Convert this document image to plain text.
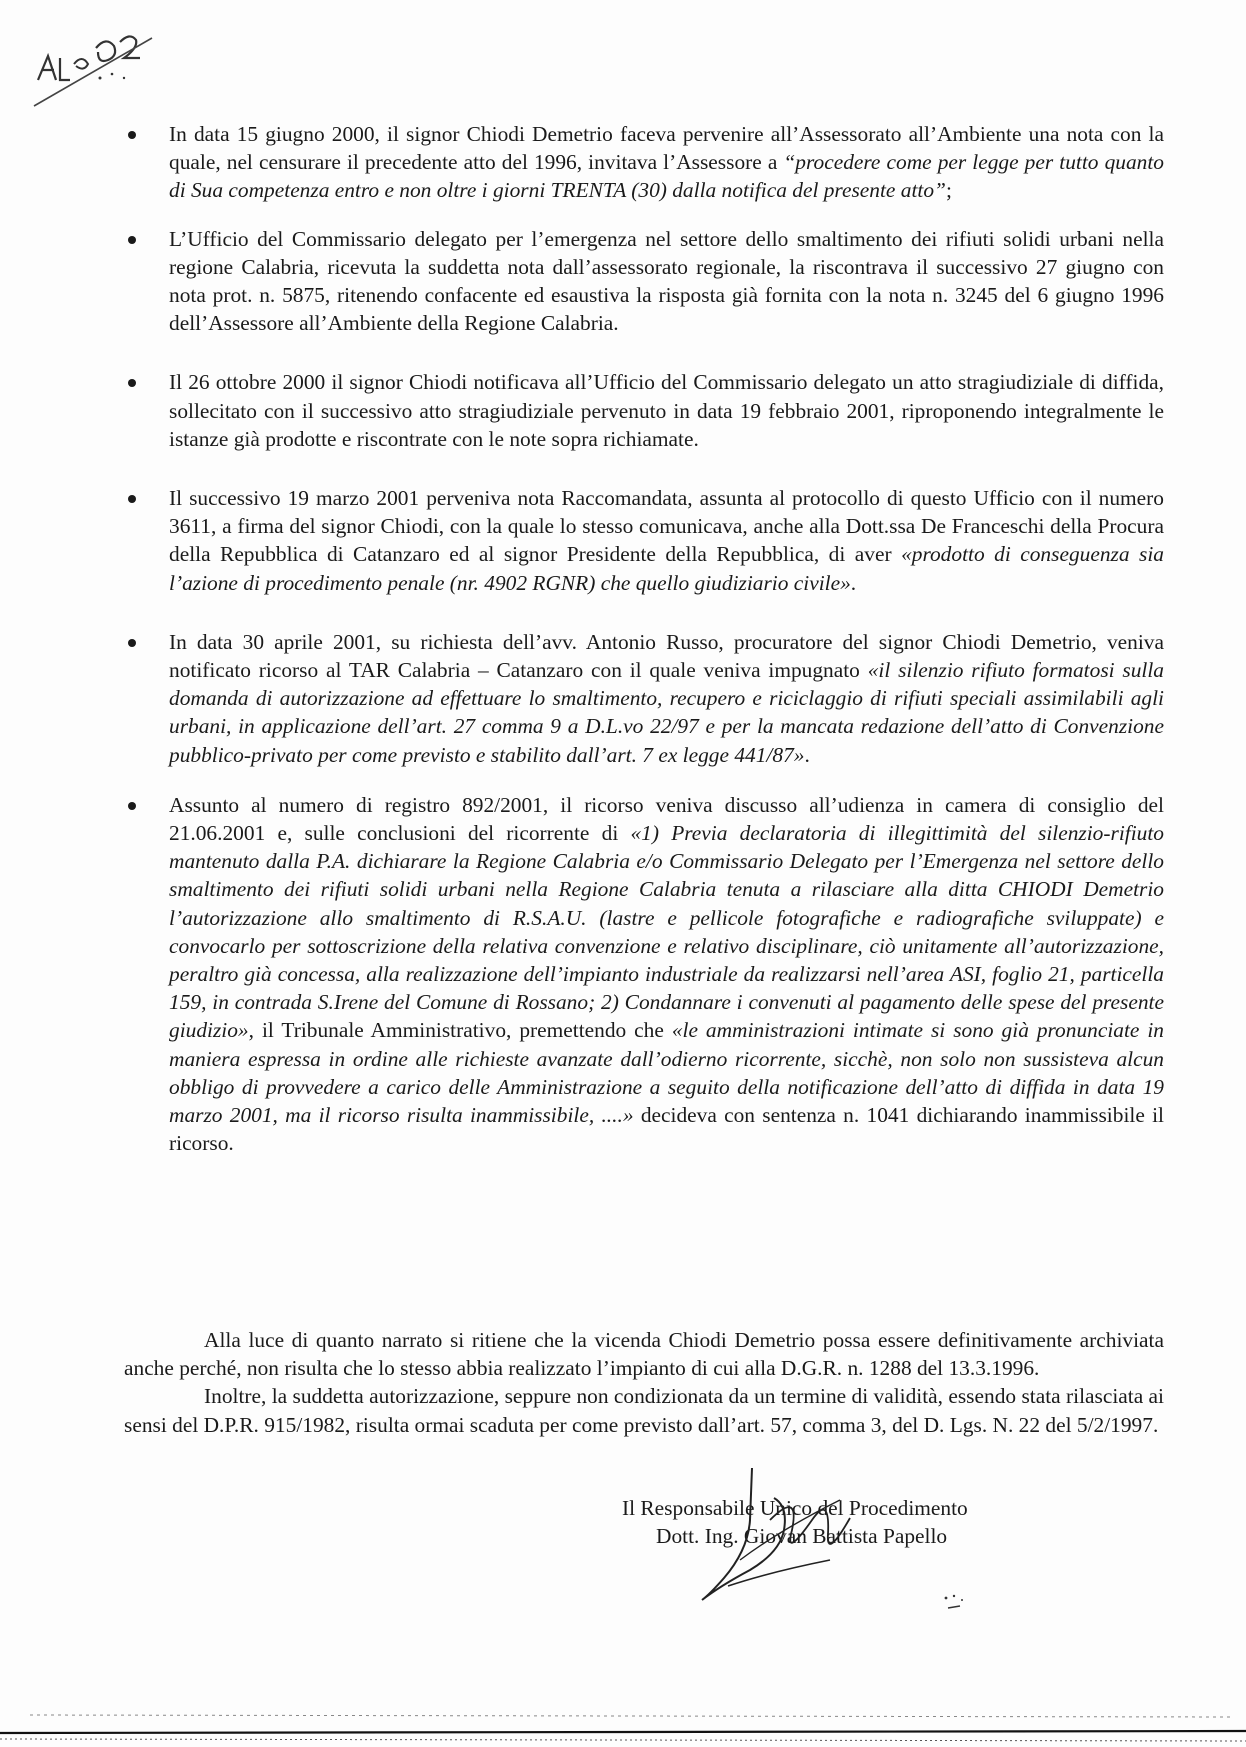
In data 15 giugno 2000, il signor Chiodi Demetrio faceva pervenire all’Assessorato all’Ambiente una nota con la quale, nel censurare il precedente atto del 1996, invitava l’Assessore a “procedere come per legge per tutto quanto di Sua competenza entro e non oltre i giorni TRENTA (30) dalla notifica del presente atto”;
L’Ufficio del Commissario delegato per l’emergenza nel settore dello smaltimento dei rifiuti solidi urbani nella regione Calabria, ricevuta la suddetta nota dall’assessorato regionale, la riscontrava il successivo 27 giugno con nota prot. n. 5875, ritenendo confacente ed esaustiva la risposta già fornita con la nota n. 3245 del 6 giugno 1996 dell’Assessore all’Ambiente della Regione Calabria.
Il 26 ottobre 2000 il signor Chiodi notificava all’Ufficio del Commissario delegato un atto stragiudiziale di diffida, sollecitato con il successivo atto stragiudiziale pervenuto in data 19 febbraio 2001, riproponendo integralmente le istanze già prodotte e riscontrate con le note sopra richiamate.
Il successivo 19 marzo 2001 perveniva nota Raccomandata, assunta al protocollo di questo Ufficio con il numero 3611, a firma del signor Chiodi, con la quale lo stesso comunicava, anche alla Dott.ssa De Franceschi della Procura della Repubblica di Catanzaro ed al signor Presidente della Repubblica, di aver «prodotto di conseguenza sia l’azione di procedimento penale (nr. 4902 RGNR) che quello giudiziario civile».
In data 30 aprile 2001, su richiesta dell’avv. Antonio Russo, procuratore del signor Chiodi Demetrio, veniva notificato ricorso al TAR Calabria – Catanzaro con il quale veniva impugnato «il silenzio rifiuto formatosi sulla domanda di autorizzazione ad effettuare lo smaltimento, recupero e riciclaggio di rifiuti speciali assimilabili agli urbani, in applicazione dell’art. 27 comma 9 a D.L.vo 22/97 e per la mancata redazione dell’atto di Convenzione pubblico-privato per come previsto e stabilito dall’art. 7 ex legge 441/87».
Assunto al numero di registro 892/2001, il ricorso veniva discusso all’udienza in camera di consiglio del 21.06.2001 e, sulle conclusioni del ricorrente di «1) Previa declaratoria di illegittimità del silenzio-rifiuto mantenuto dalla P.A. dichiarare la Regione Calabria e/o Commissario Delegato per l’Emergenza nel settore dello smaltimento dei rifiuti solidi urbani nella Regione Calabria tenuta a rilasciare alla ditta CHIODI Demetrio l’autorizzazione allo smaltimento di R.S.A.U. (lastre e pellicole fotografiche e radiografiche sviluppate) e convocarlo per sottoscrizione della relativa convenzione e relativo disciplinare, ciò unitamente all’autorizzazione, peraltro già concessa, alla realizzazione dell’impianto industriale da realizzarsi nell’area ASI, foglio 21, particella 159, in contrada S.Irene del Comune di Rossano; 2) Condannare i convenuti al pagamento delle spese del presente giudizio», il Tribunale Amministrativo, premettendo che «le amministrazioni intimate si sono già pronunciate in maniera espressa in ordine alle richieste avanzate dall’odierno ricorrente, sicchè, non solo non sussisteva alcun obbligo di provvedere a carico delle Amministrazione a seguito della notificazione dell’atto di diffida in data 19 marzo 2001, ma il ricorso risulta inammissibile, ....» decideva con sentenza n. 1041 dichiarando inammissibile il ricorso.

Alla luce di quanto narrato si ritiene che la vicenda Chiodi Demetrio possa essere definitivamente archiviata anche perché, non risulta che lo stesso abbia realizzato l’impianto di cui alla D.G.R. n. 1288 del 13.3.1996.

Inoltre, la suddetta autorizzazione, seppure non condizionata da un termine di validità, essendo stata rilasciata ai sensi del D.P.R. 915/1982, risulta ormai scaduta per come previsto dall’art. 57, comma 3, del D. Lgs. N. 22 del 5/2/1997.

Il Responsabile Unico del Procedimento
Dott. Ing. Giovan Battista Papello
